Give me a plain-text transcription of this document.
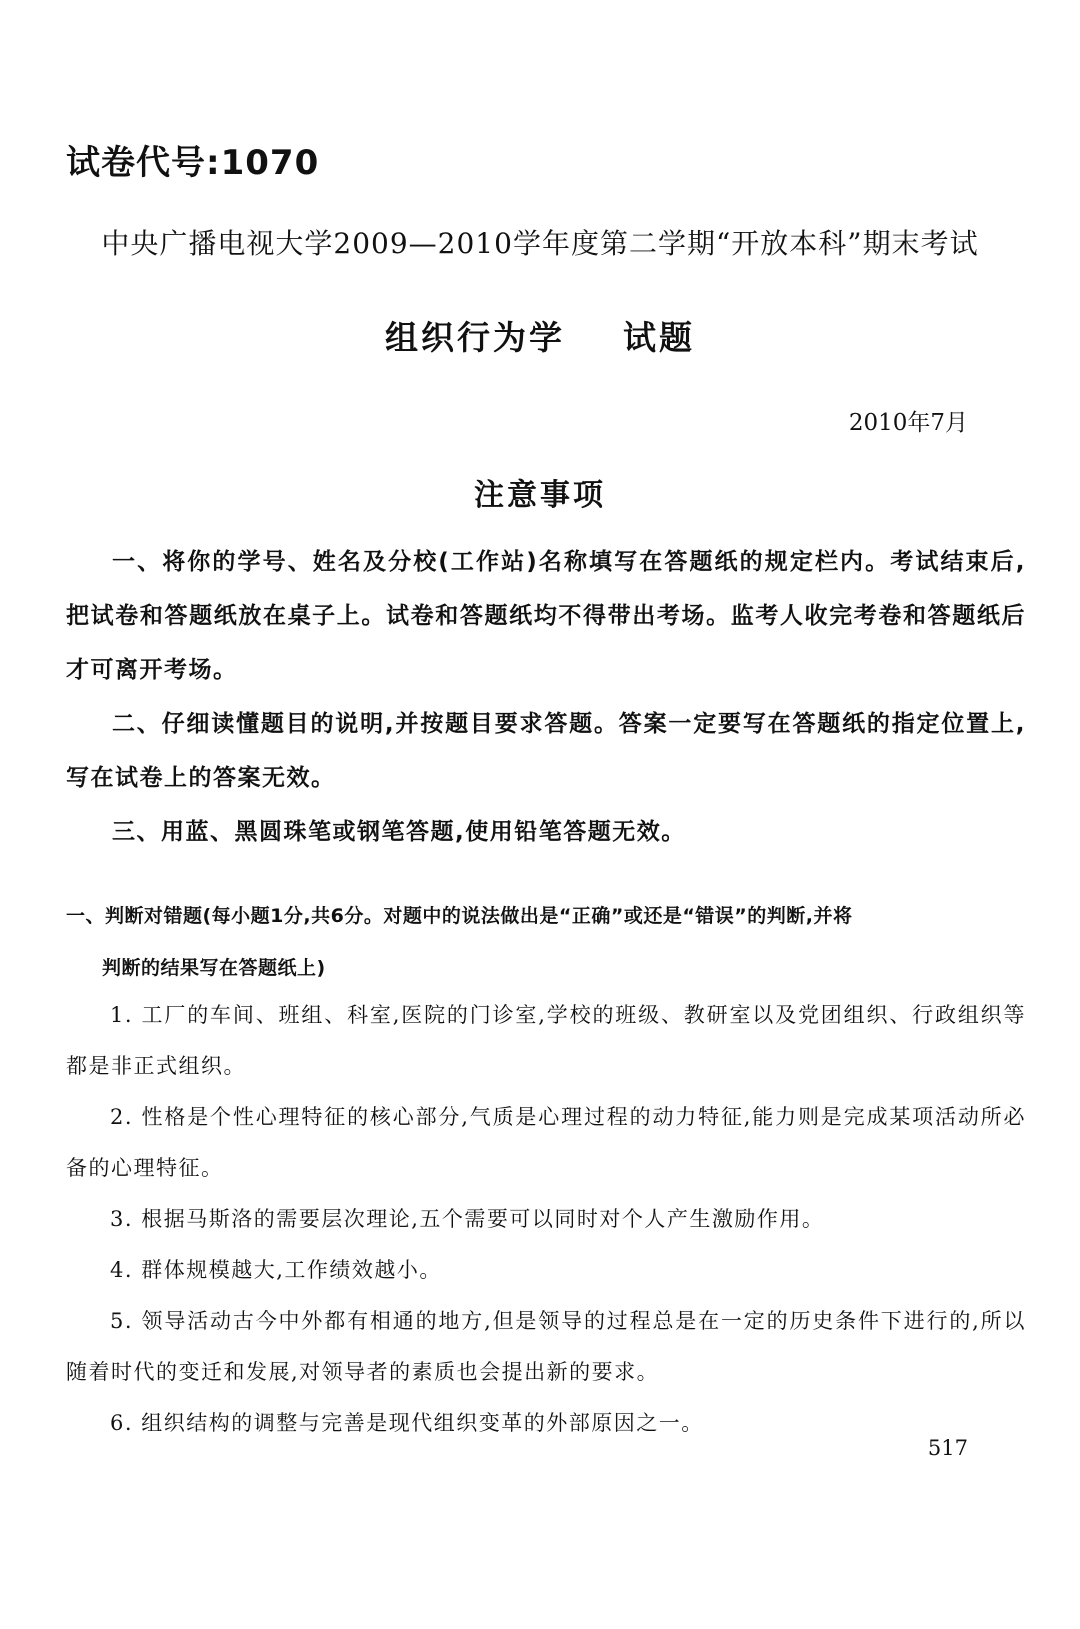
试卷代号:1070
中央广播电视大学2009—2010学年度第二学期“开放本科”期末考试
组织行为学    试题
2010年7月
注意事项

一、将你的学号、姓名及分校(工作站)名称填写在答题纸的规定栏内。考试结束后,把试卷和答题纸放在桌子上。试卷和答题纸均不得带出考场。监考人收完考卷和答题纸后才可离开考场。

二、仔细读懂题目的说明,并按题目要求答题。答案一定要写在答题纸的指定位置上,写在试卷上的答案无效。

三、用蓝、黑圆珠笔或钢笔答题,使用铅笔答题无效。

一、判断对错题(每小题1分,共6分。对题中的说法做出是“正确”或还是“错误”的判断,并将
判断的结果写在答题纸上)

1. 工厂的车间、班组、科室,医院的门诊室,学校的班级、教研室以及党团组织、行政组织等都是非正式组织。

2. 性格是个性心理特征的核心部分,气质是心理过程的动力特征,能力则是完成某项活动所必备的心理特征。

3. 根据马斯洛的需要层次理论,五个需要可以同时对个人产生激励作用。

4. 群体规模越大,工作绩效越小。

5. 领导活动古今中外都有相通的地方,但是领导的过程总是在一定的历史条件下进行的,所以随着时代的变迁和发展,对领导者的素质也会提出新的要求。

6. 组织结构的调整与完善是现代组织变革的外部原因之一。

517
